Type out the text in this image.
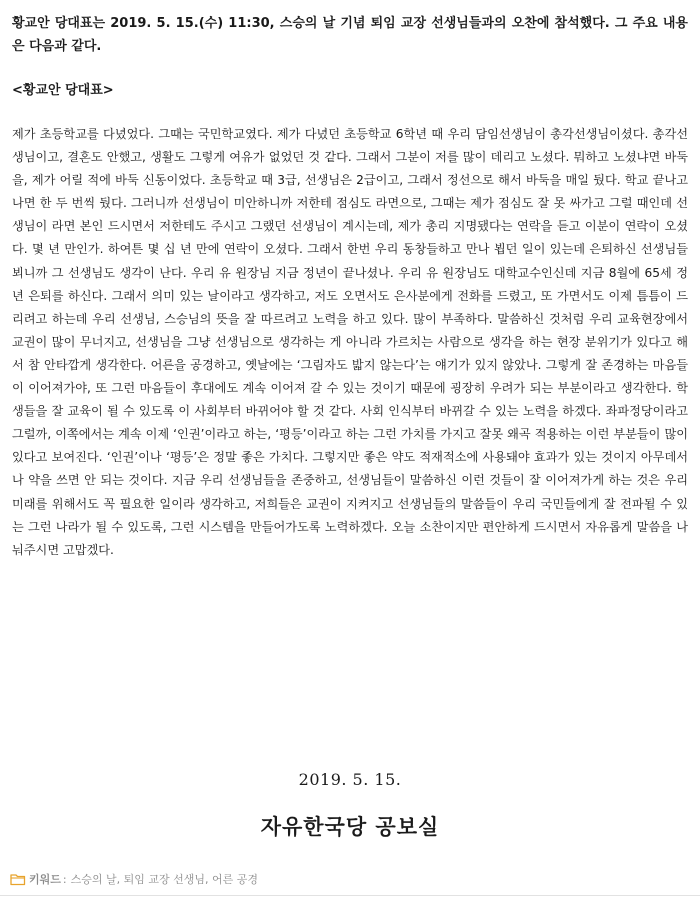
황교안 당대표는 2019. 5. 15.(수) 11:30, 스승의 날 기념 퇴임 교장 선생님들과의 오찬에 참석했다. 그 주요 내용은 다음과 같다.

<황교안 당대표>

제가 초등학교를 다녔었다. 그때는 국민학교였다. 제가 다녔던 초등학교 6학년 때 우리 담임선생님이 총각선생님이셨다. 총각선생님이고, 결혼도 안했고, 생활도 그렇게 여유가 없었던 것 같다. 그래서 그분이 저를 많이 데리고 노셨다. 뭐하고 노셨냐면 바둑을, 제가 어릴 적에 바둑 신동이었다. 초등학교 때 3급, 선생님은 2급이고, 그래서 정선으로 해서 바둑을 매일 뒀다. 학교 끝나고 나면 한 두 번씩 뒀다. 그러니까 선생님이 미안하니까 저한테 점심도 라면으로, 그때는 제가 점심도 잘 못 싸가고 그럴 때인데 선생님이 라면 본인 드시면서 저한테도 주시고 그랬던 선생님이 계시는데, 제가 총리 지명됐다는 연락을 듣고 이분이 연락이 오셨다. 몇 년 만인가. 하여튼 몇 십 년 만에 연락이 오셨다. 그래서 한번 우리 동창들하고 만나 뵙던 일이 있는데 은퇴하신 선생님들 뵈니까 그 선생님도 생각이 난다. 우리 유 원장님 지금 정년이 끝나셨나. 우리 유 원장님도 대학교수인신데 지금 8월에 65세 정년 은퇴를 하신다. 그래서 의미 있는 날이라고 생각하고, 저도 오면서도 은사분에게 전화를 드렸고, 또 가면서도 이제 틈틈이 드리려고 하는데 우리 선생님, 스승님의 뜻을 잘 따르려고 노력을 하고 있다. 많이 부족하다. 말씀하신 것처럼 우리 교육현장에서 교권이 많이 무너지고, 선생님을 그냥 선생님으로 생각하는 게 아니라 가르치는 사람으로 생각을 하는 현장 분위기가 있다고 해서 참 안타깝게 생각한다. 어른을 공경하고, 옛날에는 ‘그림자도 밟지 않는다’는 얘기가 있지 않았나. 그렇게 잘 존경하는 마음들이 이어져가야, 또 그런 마음들이 후대에도 계속 이어져 갈 수 있는 것이기 때문에 굉장히 우려가 되는 부분이라고 생각한다. 학생들을 잘 교육이 될 수 있도록 이 사회부터 바뀌어야 할 것 같다. 사회 인식부터 바뀌갈 수 있는 노력을 하겠다. 좌파정당이라고 그럴까, 이쪽에서는 계속 이제 ‘인권’이라고 하는, ‘평등’이라고 하는 그런 가치를 가지고 잘못 왜곡 적용하는 이런 부분들이 많이 있다고 보여진다. ‘인권’이나 ‘평등’은 정말 좋은 가치다. 그렇지만 좋은 약도 적재적소에 사용돼야 효과가 있는 것이지 아무데서나 약을 쓰면 안 되는 것이다. 지금 우리 선생님들을 존중하고, 선생님들이 말씀하신 이런 것들이 잘 이어져가게 하는 것은 우리 미래를 위해서도 꼭 필요한 일이라 생각하고, 저희들은 교권이 지켜지고 선생님들의 말씀들이 우리 국민들에게 잘 전파될 수 있는 그런 나라가 될 수 있도록, 그런 시스템을 만들어가도록 노력하겠다. 오늘 소찬이지만 편안하게 드시면서 자유롭게 말씀을 나눠주시면 고맙겠다.

2019. 5. 15.
자유한국당 공보실
키워드 : 스승의 날, 퇴임 교장 선생님, 어른 공경
